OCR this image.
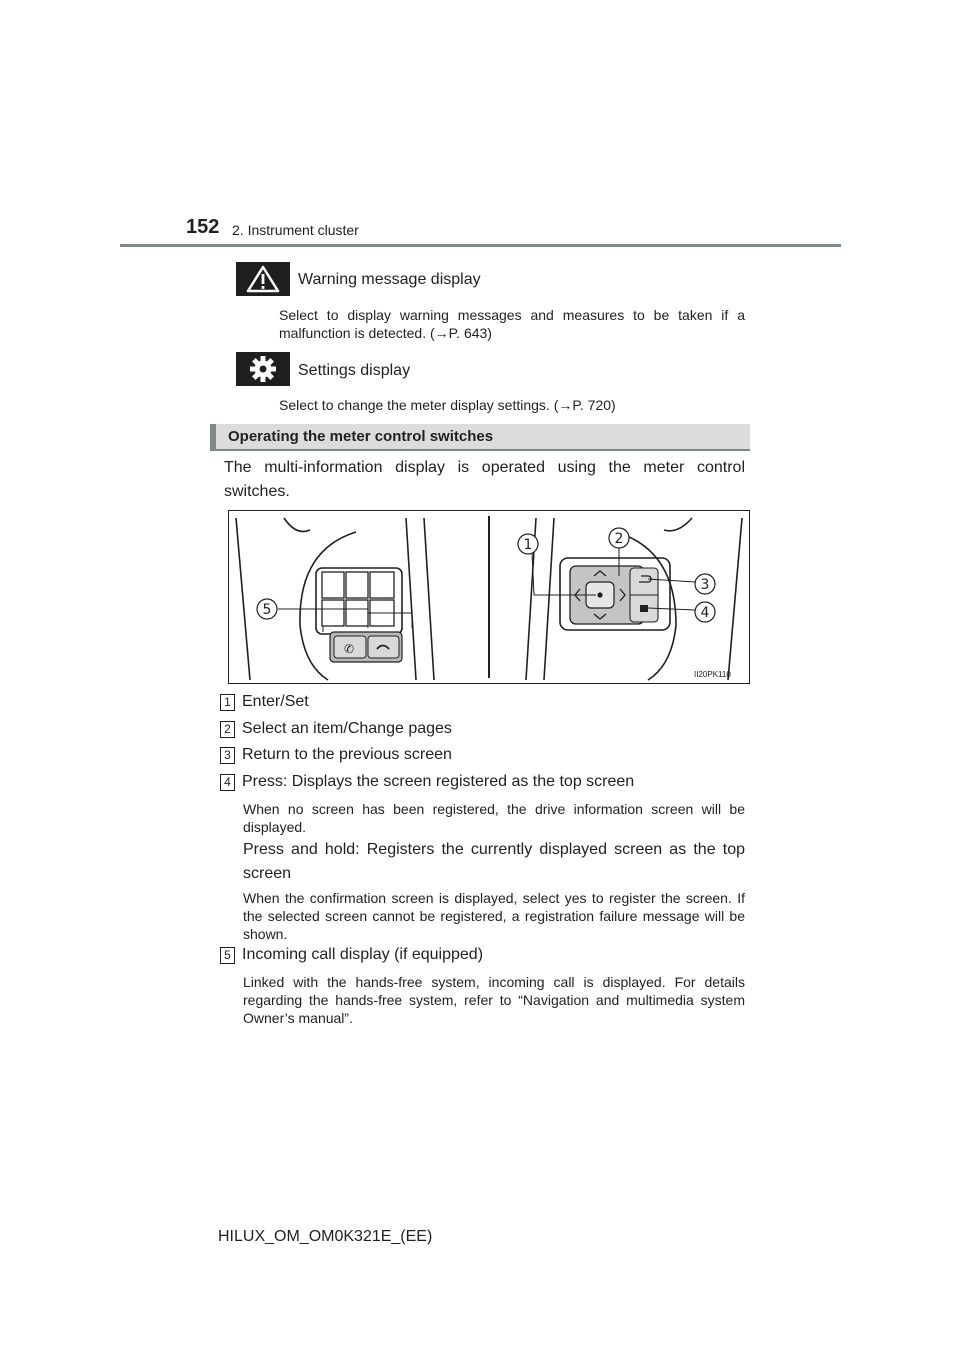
152 2. Instrument cluster
Warning message display
Select to display warning messages and measures to be taken if a
malfunction is detected. (→P. 643)
Settings display
Select to change the meter display settings. (→P. 720)
Operating the meter control switches
The multi-information display is operated using the meter control switches.
✆
5
1	2
3
4
II20PK110
1 Enter/Set
2 Select an item/Change pages
3 Return to the previous screen
4 Press: Displays the screen registered as the top screen
When no screen has been registered, the drive information screen will be displayed.
Press and hold: Registers the currently displayed screen as the top screen
When the confirmation screen is displayed, select yes to register the screen. If the selected screen cannot be registered, a registration failure message will be shown.
5 Incoming call display (if equipped)
Linked with the hands-free system, incoming call is displayed. For details regarding the hands-free system, refer to “Navigation and multimedia system Owner’s manual”.
HILUX_OM_OM0K321E_(EE)
